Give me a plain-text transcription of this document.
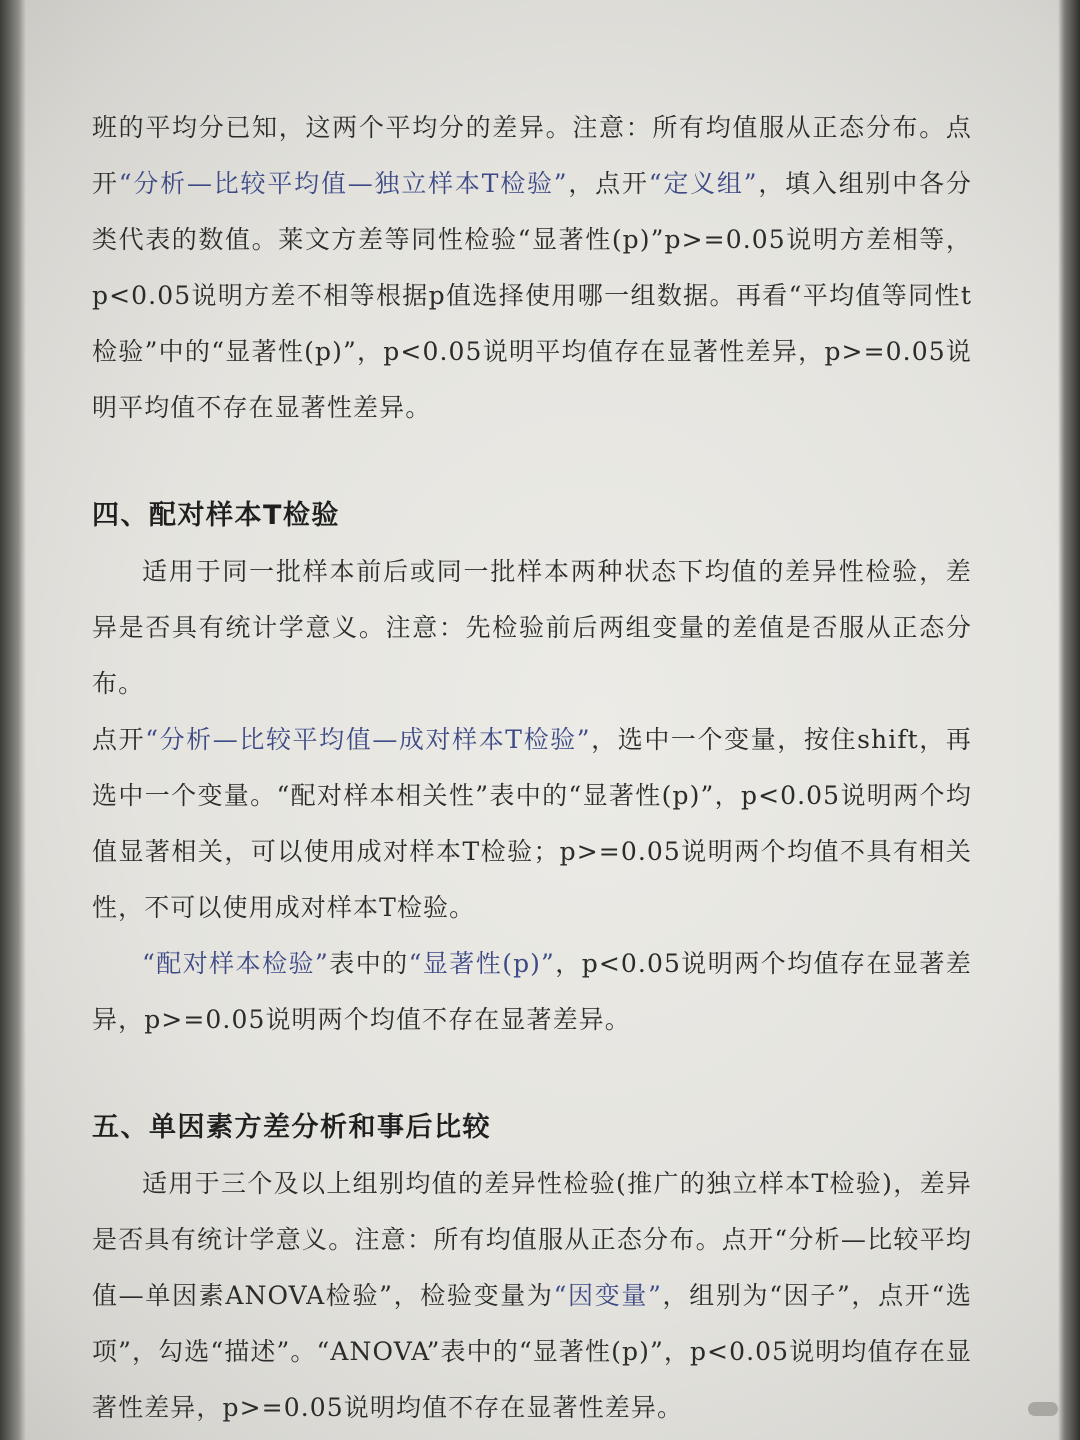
班的平均分已知，这两个平均分的差异。注意：所有均值服从正态分布。点开“分析—比较平均值—独立样本T检验”，点开“定义组”，填入组别中各分类代表的数值。莱文方差等同性检验“显著性(p)”p>=0.05说明方差相等，p<0.05说明方差不相等根据p值选择使用哪一组数据。再看“平均值等同性t检验”中的“显著性(p)”，p<0.05说明平均值存在显著性差异，p>=0.05说明平均值不存在显著性差异。

四、配对样本T检验

适用于同一批样本前后或同一批样本两种状态下均值的差异性检验，差异是否具有统计学意义。注意：先检验前后两组变量的差值是否服从正态分布。

点开“分析—比较平均值—成对样本T检验”，选中一个变量，按住shift，再选中一个变量。“配对样本相关性”表中的“显著性(p)”，p<0.05说明两个均值显著相关，可以使用成对样本T检验；p>=0.05说明两个均值不具有相关性，不可以使用成对样本T检验。

“配对样本检验”表中的“显著性(p)”，p<0.05说明两个均值存在显著差异，p>=0.05说明两个均值不存在显著差异。

五、单因素方差分析和事后比较

适用于三个及以上组别均值的差异性检验(推广的独立样本T检验)，差异是否具有统计学意义。注意：所有均值服从正态分布。点开“分析—比较平均值—单因素ANOVA检验”，检验变量为“因变量”，组别为“因子”，点开“选项”，勾选“描述”。“ANOVA”表中的“显著性(p)”，p<0.05说明均值存在显著性差异，p>=0.05说明均值不存在显著性差异。
